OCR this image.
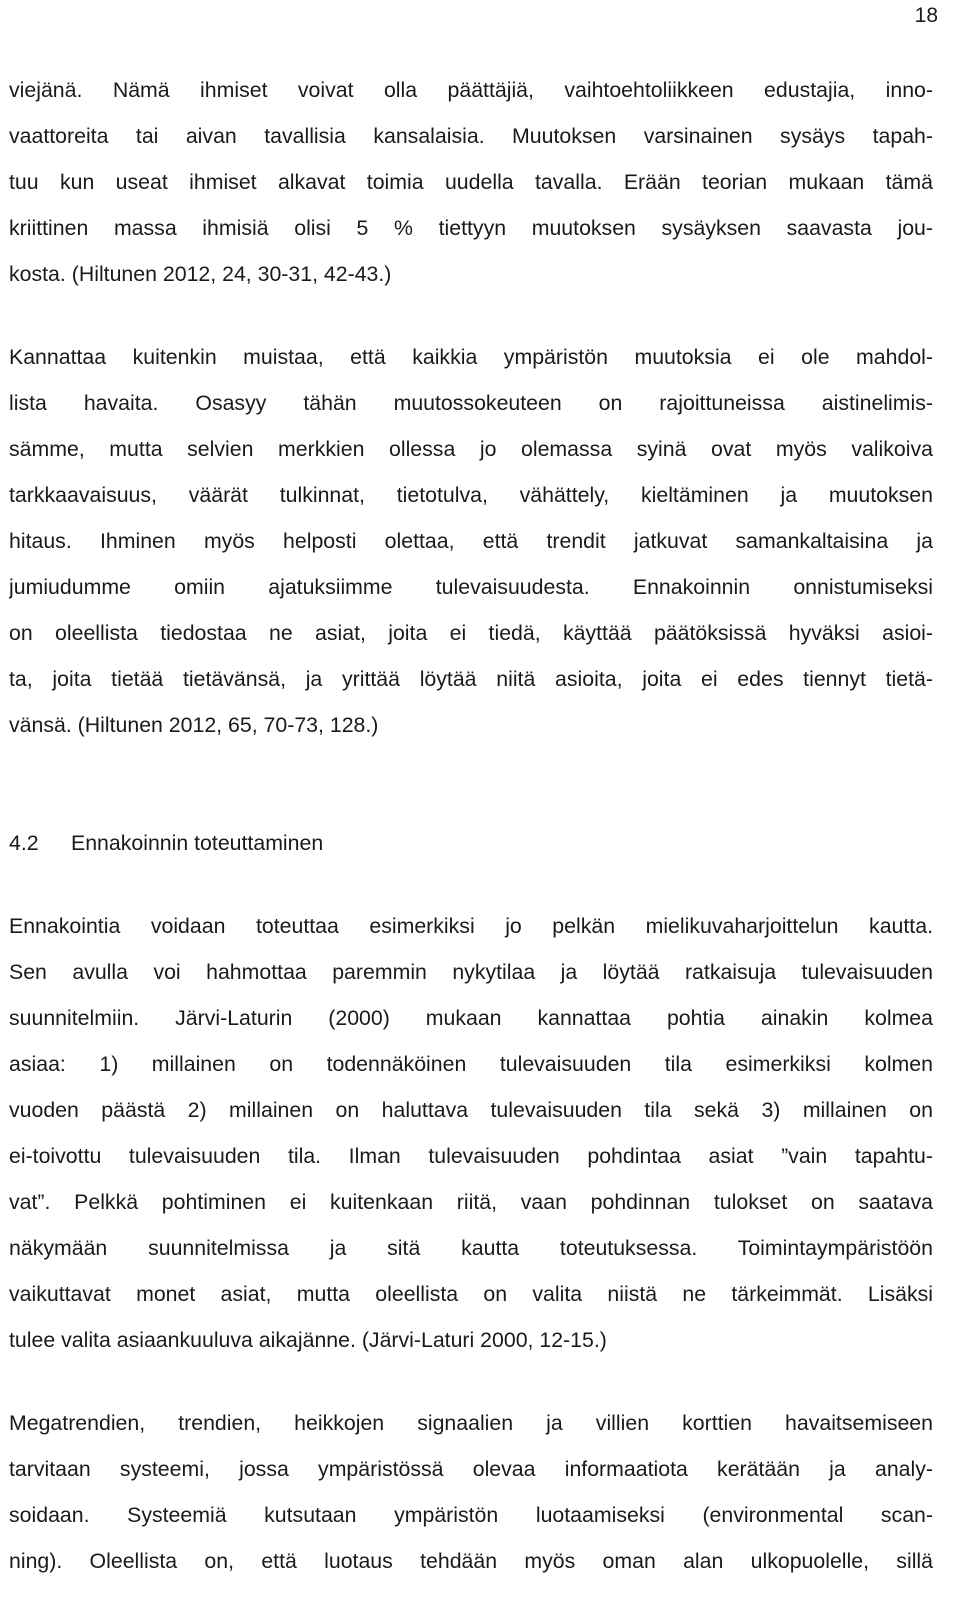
18
viejänä. Nämä ihmiset voivat olla päättäjiä, vaihtoehtoliikkeen edustajia, inno-
vaattoreita tai aivan tavallisia kansalaisia. Muutoksen varsinainen sysäys tapah-
tuu kun useat ihmiset alkavat toimia uudella tavalla. Erään teorian mukaan tämä
kriittinen massa ihmisiä olisi 5 % tiettyyn muutoksen sysäyksen saavasta jou-
kosta. (Hiltunen 2012, 24, 30-31, 42-43.)
Kannattaa kuitenkin muistaa, että kaikkia ympäristön muutoksia ei ole mahdol-
lista havaita. Osasyy tähän muutossokeuteen on rajoittuneissa aistinelimis-
sämme, mutta selvien merkkien ollessa jo olemassa syinä ovat myös valikoiva
tarkkaavaisuus, väärät tulkinnat, tietotulva, vähättely, kieltäminen ja muutoksen
hitaus. Ihminen myös helposti olettaa, että trendit jatkuvat samankaltaisina ja
jumiudumme omiin ajatuksiimme tulevaisuudesta. Ennakoinnin onnistumiseksi
on oleellista tiedostaa ne asiat, joita ei tiedä, käyttää päätöksissä hyväksi asioi-
ta, joita tietää tietävänsä, ja yrittää löytää niitä asioita, joita ei edes tiennyt tietä-
vänsä. (Hiltunen 2012, 65, 70-73, 128.)
4.2 Ennakoinnin toteuttaminen
Ennakointia voidaan toteuttaa esimerkiksi jo pelkän mielikuvaharjoittelun kautta.
Sen avulla voi hahmottaa paremmin nykytilaa ja löytää ratkaisuja tulevaisuuden
suunnitelmiin. Järvi-Laturin (2000) mukaan kannattaa pohtia ainakin kolmea
asiaa: 1) millainen on todennäköinen tulevaisuuden tila esimerkiksi kolmen
vuoden päästä 2) millainen on haluttava tulevaisuuden tila sekä 3) millainen on
ei-toivottu tulevaisuuden tila. Ilman tulevaisuuden pohdintaa asiat ”vain tapahtu-
vat”. Pelkkä pohtiminen ei kuitenkaan riitä, vaan pohdinnan tulokset on saatava
näkymään suunnitelmissa ja sitä kautta toteutuksessa. Toimintaympäristöön
vaikuttavat monet asiat, mutta oleellista on valita niistä ne tärkeimmät. Lisäksi
tulee valita asiaankuuluva aikajänne. (Järvi-Laturi 2000, 12-15.)
Megatrendien, trendien, heikkojen signaalien ja villien korttien havaitsemiseen
tarvitaan systeemi, jossa ympäristössä olevaa informaatiota kerätään ja analy-
soidaan. Systeemiä kutsutaan ympäristön luotaamiseksi (environmental scan-
ning). Oleellista on, että luotaus tehdään myös oman alan ulkopuolelle, sillä
